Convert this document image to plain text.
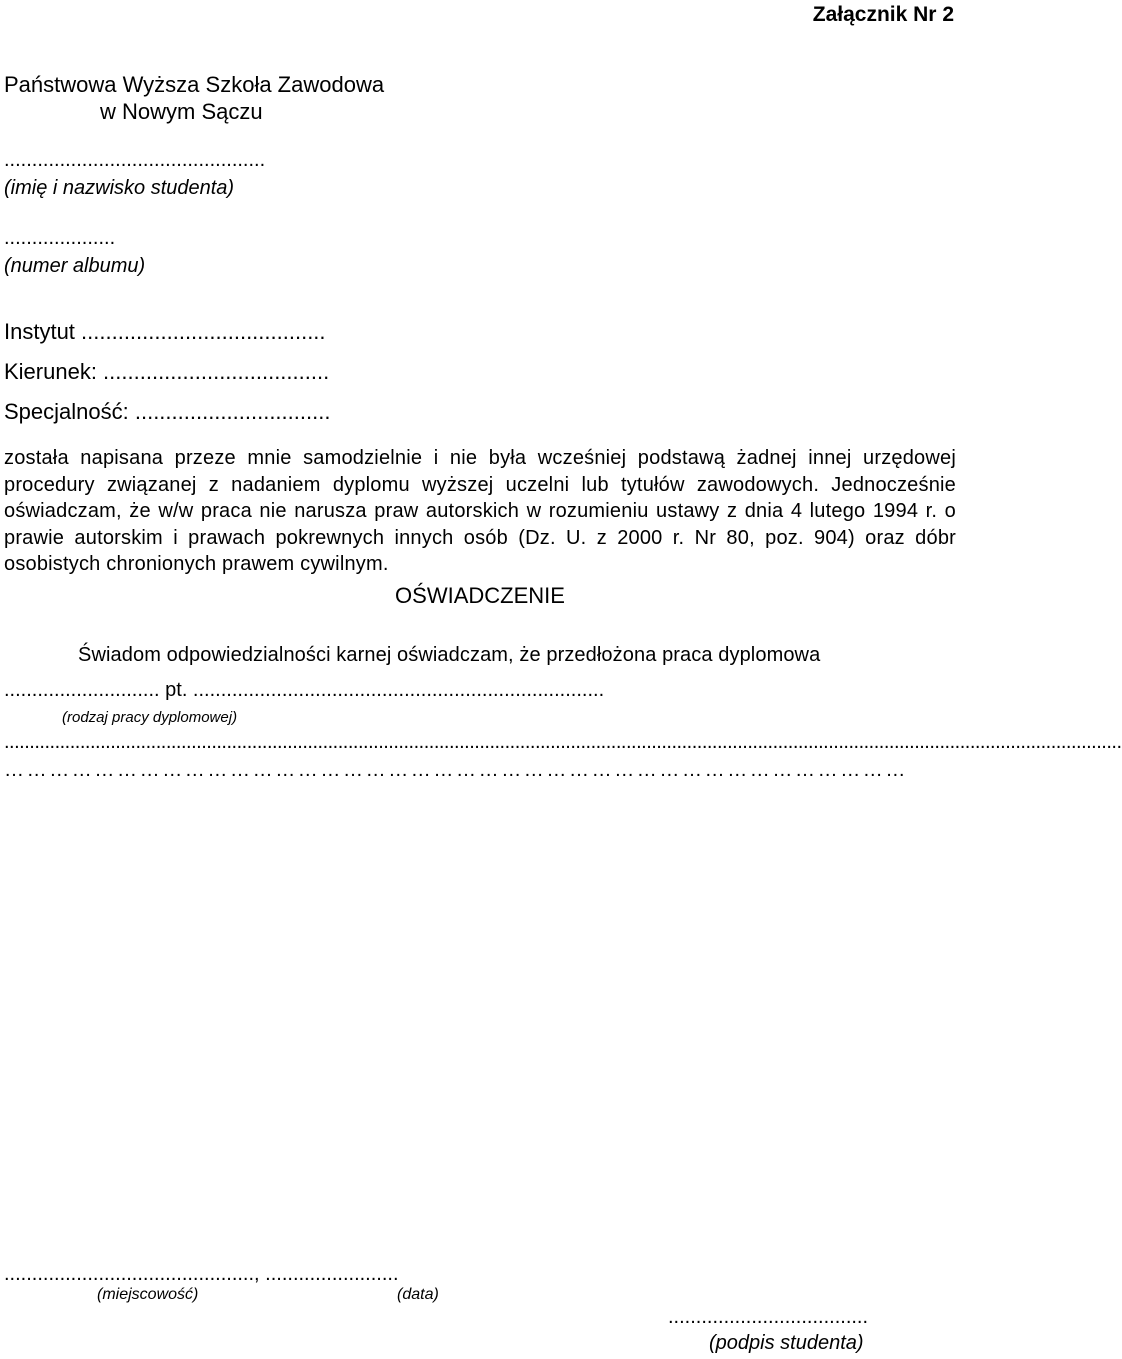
Załącznik Nr 2
Państwowa Wyższa Szkoła Zawodowa
w Nowym Sączu
...............................................
(imię i nazwisko studenta)
....................
(numer albumu)
Instytut ........................................
Kierunek: .....................................
Specjalność: ................................
OŚWIADCZENIE
Świadom odpowiedzialności karnej oświadczam, że przedłożona praca dyplomowa
............................ pt. ..........................................................................
(rodzaj pracy dyplomowej)
.............................................................................................................................................................................................................................
…………………………………………………………………………………………………………
została napisana przeze mnie samodzielnie i nie była wcześniej podstawą żadnej innej urzędowej procedury związanej z nadaniem dyplomu wyższej uczelni lub tytułów zawodowych. Jednocześnie oświadczam, że w/w praca nie narusza praw autorskich w rozumieniu ustawy z dnia 4 lutego 1994 r. o prawie autorskim i prawach pokrewnych innych osób (Dz. U. z 2000 r. Nr 80, poz. 904) oraz dóbr osobistych chronionych prawem cywilnym.
............................................., ........................
(miejscowość)	(data)
....................................
(podpis studenta)
